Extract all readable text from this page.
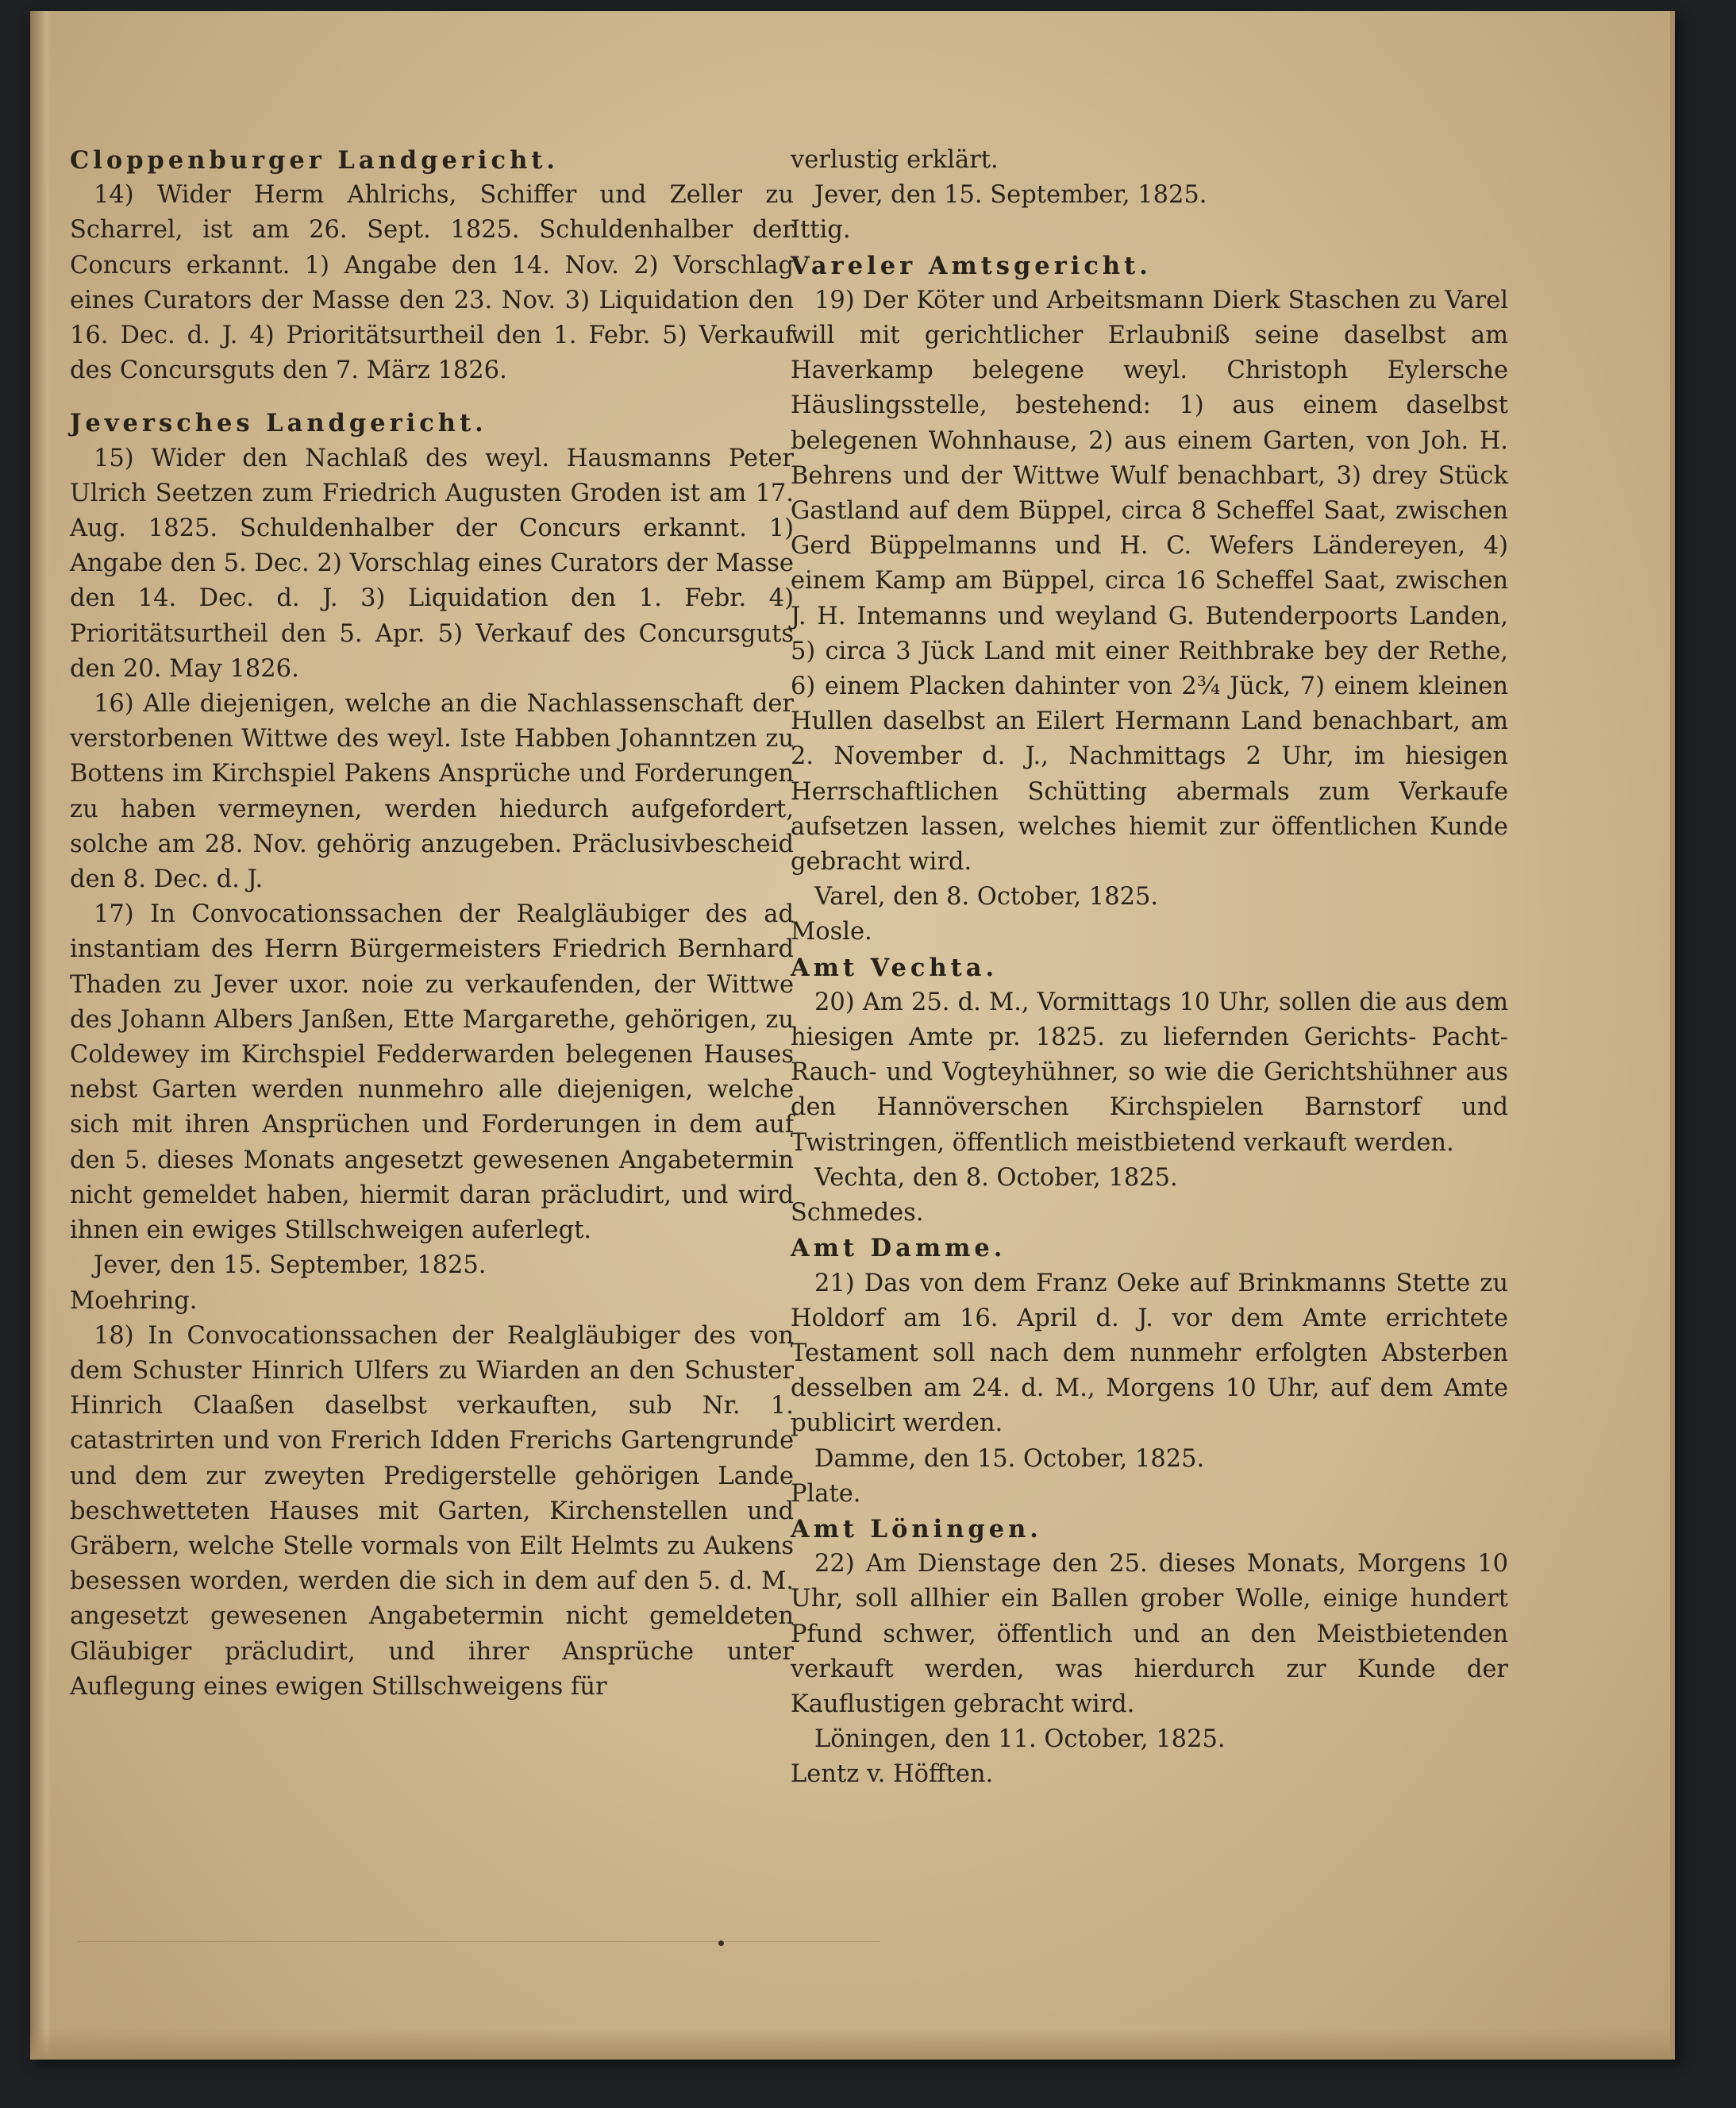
Cloppenburger Landgericht.

14) Wider Herm Ahlrichs, Schiffer und Zeller zu Scharrel, ist am 26. Sept. 1825. Schuldenhalber der Concurs erkannt. 1) Angabe den 14. Nov. 2) Vorschlag eines Curators der Masse den 23. Nov. 3) Liquidation den 16. Dec. d. J. 4) Prioritätsurtheil den 1. Febr. 5) Verkauf des Concursguts den 7. März 1826.

Jeversches Landgericht.

15) Wider den Nachlaß des weyl. Hausmanns Peter Ulrich Seetzen zum Friedrich Augusten Groden ist am 17. Aug. 1825. Schuldenhalber der Concurs erkannt. 1) Angabe den 5. Dec. 2) Vorschlag eines Curators der Masse den 14. Dec. d. J. 3) Liquidation den 1. Febr. 4) Prioritätsurtheil den 5. Apr. 5) Verkauf des Concursguts den 20. May 1826.

16) Alle diejenigen, welche an die Nachlassenschaft der verstorbenen Wittwe des weyl. Iste Habben Johanntzen zu Bottens im Kirchspiel Pakens Ansprüche und Forderungen zu haben vermeynen, werden hiedurch aufgefordert, solche am 28. Nov. gehörig anzugeben. Präclusivbescheid den 8. Dec. d. J.

17) In Convocationssachen der Realgläubiger des ad instantiam des Herrn Bürgermeisters Friedrich Bernhard Thaden zu Jever uxor. noie zu verkaufenden, der Wittwe des Johann Albers Janßen, Ette Margarethe, gehörigen, zu Coldewey im Kirchspiel Fedderwarden belegenen Hauses nebst Garten werden nunmehro alle diejenigen, welche sich mit ihren Ansprüchen und Forderungen in dem auf den 5. dieses Monats angesetzt gewesenen Angabetermin nicht gemeldet haben, hiermit daran präcludirt, und wird ihnen ein ewiges Stillschweigen auferlegt.

Jever, den 15. September, 1825.

Moehring.

18) In Convocationssachen der Realgläubiger des von dem Schuster Hinrich Ulfers zu Wiarden an den Schuster Hinrich Claaßen daselbst verkauften, sub Nr. 1. catastrirten und von Frerich Idden Frerichs Gartengrunde und dem zur zweyten Predigerstelle gehörigen Lande beschwetteten Hauses mit Garten, Kirchenstellen und Gräbern, welche Stelle vormals von Eilt Helmts zu Aukens besessen worden, werden die sich in dem auf den 5. d. M. angesetzt gewesenen Angabetermin nicht gemeldeten Gläubiger präcludirt, und ihrer Ansprüche unter Auflegung eines ewigen Stillschweigens für

verlustig erklärt.

Jever, den 15. September, 1825.

Ittig.

Vareler Amtsgericht.

19) Der Köter und Arbeitsmann Dierk Staschen zu Varel will mit gerichtlicher Erlaubniß seine daselbst am Haverkamp belegene weyl. Christoph Eylersche Häuslingsstelle, bestehend: 1) aus einem daselbst belegenen Wohnhause, 2) aus einem Garten, von Joh. H. Behrens und der Wittwe Wulf benachbart, 3) drey Stück Gastland auf dem Büppel, circa 8 Scheffel Saat, zwischen Gerd Büppelmanns und H. C. Wefers Ländereyen, 4) einem Kamp am Büppel, circa 16 Scheffel Saat, zwischen J. H. Intemanns und weyland G. Butenderpoorts Landen, 5) circa 3 Jück Land mit einer Reithbrake bey der Rethe, 6) einem Placken dahinter von 2¾ Jück, 7) einem kleinen Hullen daselbst an Eilert Hermann Land benachbart, am 2. November d. J., Nachmittags 2 Uhr, im hiesigen Herrschaftlichen Schütting abermals zum Verkaufe aufsetzen lassen, welches hiemit zur öffentlichen Kunde gebracht wird.

Varel, den 8. October, 1825.

Mosle.

Amt Vechta.

20) Am 25. d. M., Vormittags 10 Uhr, sollen die aus dem hiesigen Amte pr. 1825. zu liefernden Gerichts- Pacht- Rauch- und Vogteyhühner, so wie die Gerichtshühner aus den Hannöverschen Kirchspielen Barnstorf und Twistringen, öffentlich meistbietend verkauft werden.

Vechta, den 8. October, 1825.

Schmedes.

Amt Damme.

21) Das von dem Franz Oeke auf Brinkmanns Stette zu Holdorf am 16. April d. J. vor dem Amte errichtete Testament soll nach dem nunmehr erfolgten Absterben desselben am 24. d. M., Morgens 10 Uhr, auf dem Amte publicirt werden.

Damme, den 15. October, 1825.

Plate.

Amt Löningen.

22) Am Dienstage den 25. dieses Monats, Morgens 10 Uhr, soll allhier ein Ballen grober Wolle, einige hundert Pfund schwer, öffentlich und an den Meistbietenden verkauft werden, was hierdurch zur Kunde der Kauflustigen gebracht wird.

Löningen, den 11. October, 1825.

Lentz v. Höfften.
